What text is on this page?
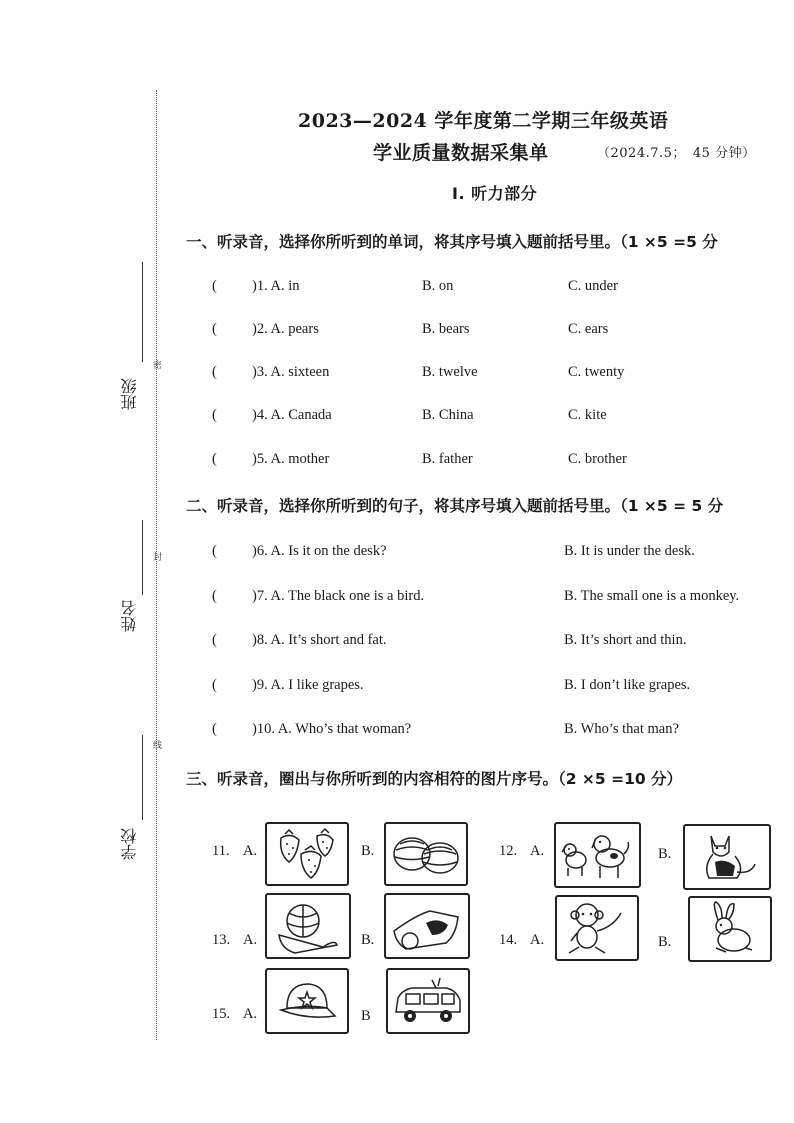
班级
密
姓名
封
学校
线
2023—2024 学年度第二学期三年级英语
学业质量数据采集单	（2024.7.5；　45 分钟）
Ⅰ. 听力部分
一、听录音，选择你所听到的单词，将其序号填入题前括号里。（1 ×5 =5 分
( )1. A. in	B. on	C. under
( )2. A. pears	B. bears	C. ears
( )3. A. sixteen	B. twelve	C. twenty
( )4. A. Canada	B. China	C. kite
( )5. A. mother	B. father	C. brother
二、听录音，选择你所听到的句子，将其序号填入题前括号里。（1 ×5 = 5 分
( )6. A. Is it on the desk?	B. It is under the desk.
( )7. A. The black one is a bird.	B. The small one is a monkey.
( )8. A. It’s short and fat.	B. It’s short and thin.
( )9. A. I like grapes.	B. I don’t like grapes.
( )10. A. Who’s that woman?	B. Who’s that man?
三、听录音，圈出与你所听到的内容相符的图片序号。（2 ×5 =10 分）
11. A.	B.	12. A.	B.
13. A.	B.	14. A.	B.
15. A.	B
